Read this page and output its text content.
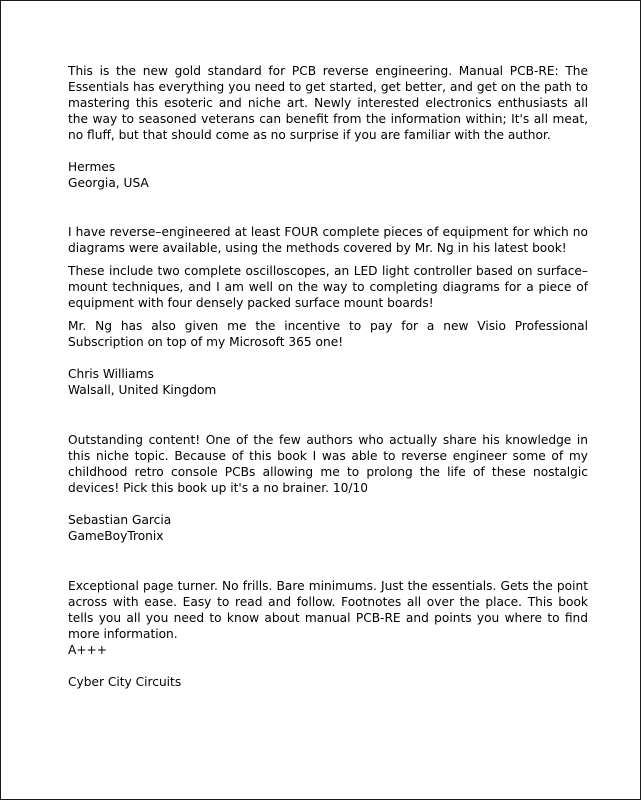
This is the new gold standard for PCB reverse engineering. Manual PCB-RE: The Essentials has everything you need to get started, get better, and get on the path to mastering this esoteric and niche art. Newly interested electronics enthusiasts all the way to seasoned veterans can benefit from the information within; It's all meat, no fluff, but that should come as no surprise if you are familiar with the author.

Hermes
Georgia, USA

I have reverse–engineered at least FOUR complete pieces of equipment for which no diagrams were available, using the methods covered by Mr. Ng in his latest book!

These include two complete oscilloscopes, an LED light controller based on surface–mount techniques, and I am well on the way to completing diagrams for a piece of equipment with four densely packed surface mount boards!

Mr. Ng has also given me the incentive to pay for a new Visio Professional Subscription on top of my Microsoft 365 one!

Chris Williams
Walsall, United Kingdom

Outstanding content! One of the few authors who actually share his knowledge in this niche topic. Because of this book I was able to reverse engineer some of my childhood retro console PCBs allowing me to prolong the life of these nostalgic devices! Pick this book up it's a no brainer. 10/10

Sebastian Garcia
GameBoyTronix

Exceptional page turner. No frills. Bare minimums. Just the essentials. Gets the point across with ease. Easy to read and follow. Footnotes all over the place. This book tells you all you need to know about manual PCB-RE and points you where to find more information.

A+++

Cyber City Circuits
